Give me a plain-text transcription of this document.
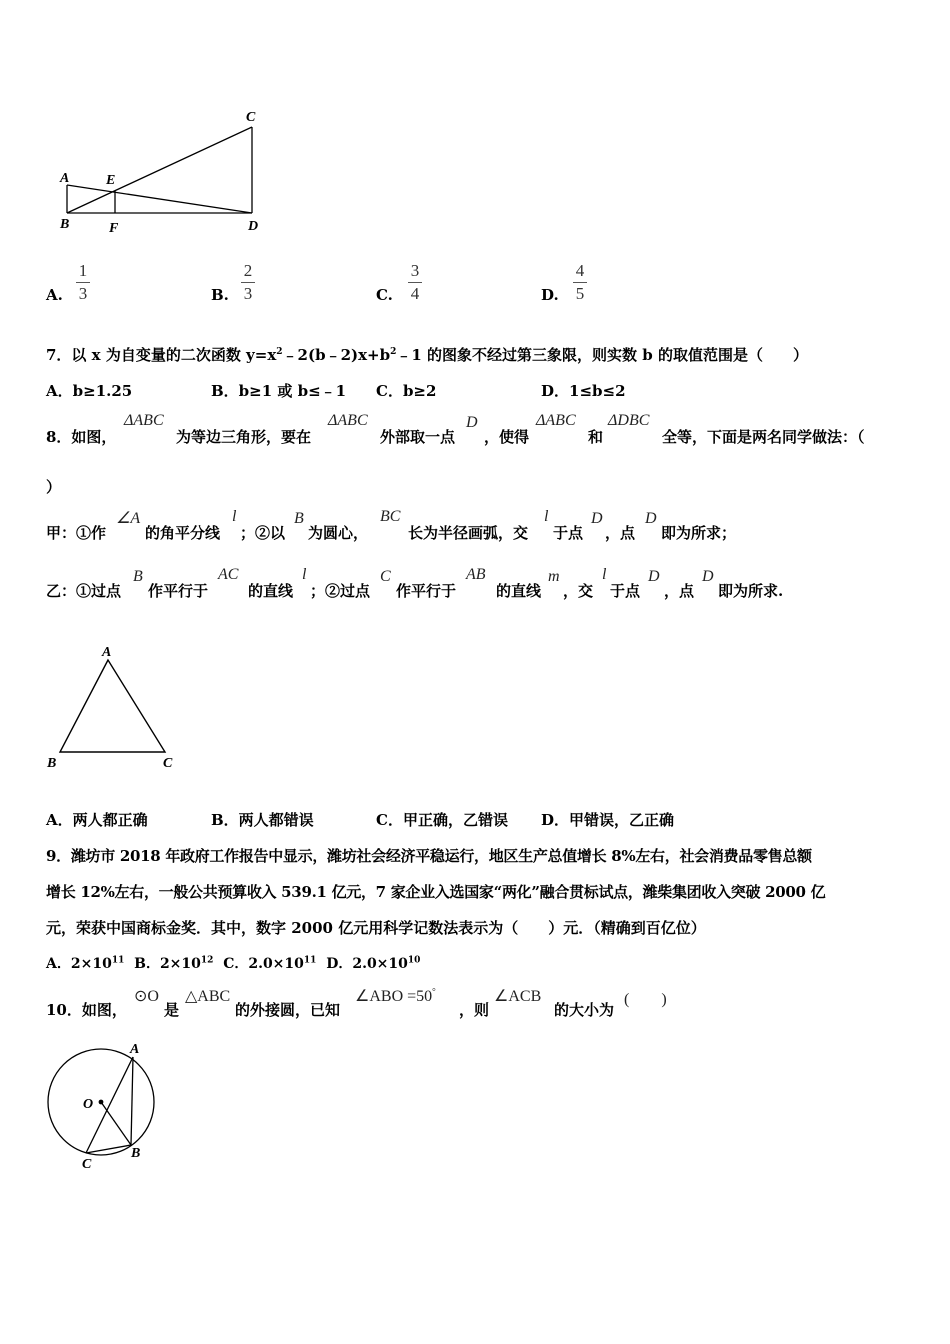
A	E
B	F
C
D
A.
1
3	B.
2
3	C.
3
4	D.
4
5
7．以 x 为自变量的二次函数 $y=x^2﹣2(b﹣2)x+b^2﹣1$ 的图象不经过第三象限，则实数 b 的取值范围是（　　）
A．b≥1.25	B．b≥1 或 b≤﹣1 C．b≥2	D．1≤b≤2
8．如图，
ΔABC
为等边三角形，要在
ΔABC
外部取一点
D
，使得
ΔABC
和
ΔDBC
全等，下面是两名同学做法：（
）
甲：①作
∠A
的角平分线
l
；②以
B
为圆心，
BC
长为半径画弧，交
l
于点
D
，点
D
即为所求；
乙：①过点
B
作平行于
AC
的直线
l
；②过点
C
作平行于
AB
的直线
m
，交
l
于点
D
，点
D
即为所求.
A
B	C
A．两人都正确	B．两人都错误	C．甲正确，乙错误 D．甲错误，乙正确
9．潍坊市 2018 年政府工作报告中显示，潍坊社会经济平稳运行，地区生产总值增长 8%左右，社会消费品零售总额
增长 12%左右，一般公共预算收入 539.1 亿元，7 家企业入选国家“两化”融合贯标试点，潍柴集团收入突破 2000 亿
元，荣获中国商标金奖．其中，数字 2000 亿元用科学记数法表示为（　　）元．（精确到百亿位）
A．$2\times 10^{11}$ B．$2\times 10^{12}$ C．$2.0\times 10^{11}$ D．$2.0\times 10^{10}$
10．如图，
⊙O
是
△ABC
的外接圆，已知
∠ABO =50°
，则
∠ACB
的大小为
(　　)
A
O
C
B
